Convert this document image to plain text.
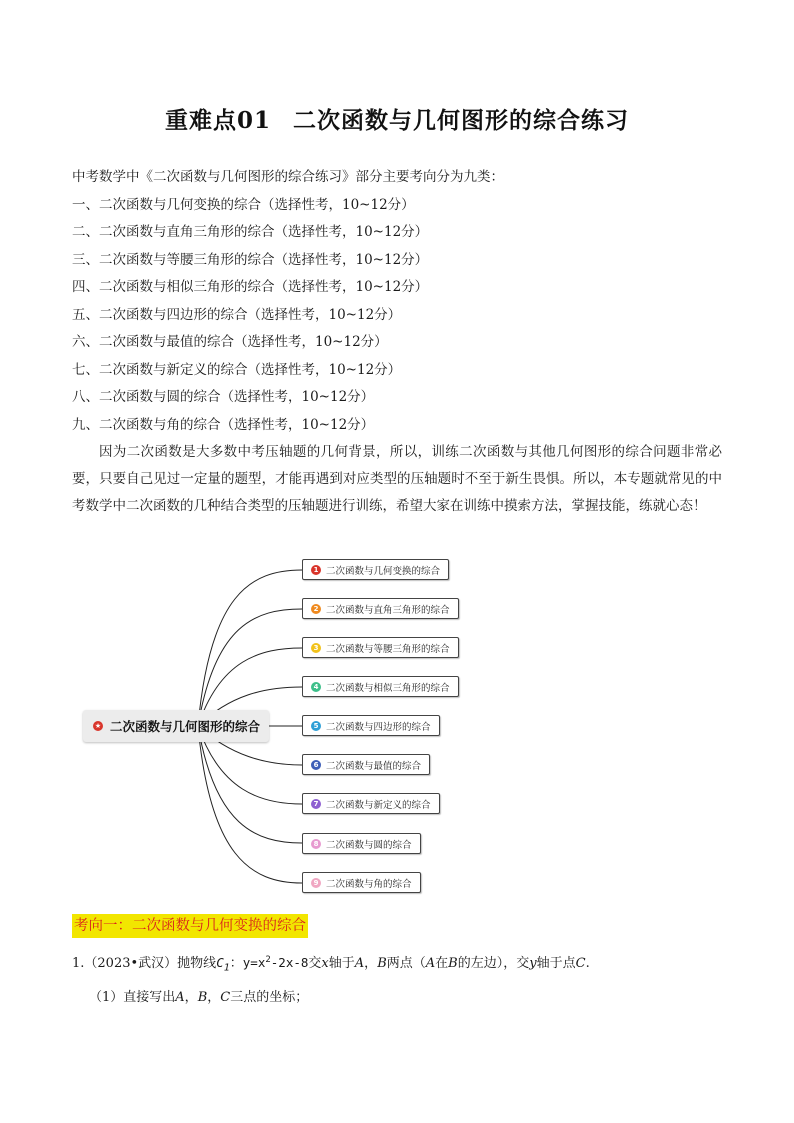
重难点01 二次函数与几何图形的综合练习
中考数学中《二次函数与几何图形的综合练习》部分主要考向分为九类：
一、二次函数与几何变换的综合（选择性考，10~12分）
二、二次函数与直角三角形的综合（选择性考，10~12分）
三、二次函数与等腰三角形的综合（选择性考，10~12分）
四、二次函数与相似三角形的综合（选择性考，10~12分）
五、二次函数与四边形的综合（选择性考，10~12分）
六、二次函数与最值的综合（选择性考，10~12分）
七、二次函数与新定义的综合（选择性考，10~12分）
八、二次函数与圆的综合（选择性考，10~12分）
九、二次函数与角的综合（选择性考，10~12分）
因为二次函数是大多数中考压轴题的几何背景，所以，训练二次函数与其他几何图形的综合问题非常必要，只要自己见过一定量的题型，才能再遇到对应类型的压轴题时不至于新生畏惧。所以，本专题就常见的中考数学中二次函数的几种结合类型的压轴题进行训练，希望大家在训练中摸索方法，掌握技能，练就心态！
★ 二次函数与几何图形的综合
1 二次函数与几何变换的综合
2 二次函数与直角三角形的综合
3 二次函数与等腰三角形的综合
4 二次函数与相似三角形的综合
5 二次函数与四边形的综合
6 二次函数与最值的综合
7 二次函数与新定义的综合
8 二次函数与圆的综合
9 二次函数与角的综合
考向一：二次函数与几何变换的综合
1.（2023•武汉）抛物线$C_1$：$y=x^2-2x-8$交x轴于A，B两点（A在B的左边），交y轴于点C.
（1）直接写出A，B，C三点的坐标；
